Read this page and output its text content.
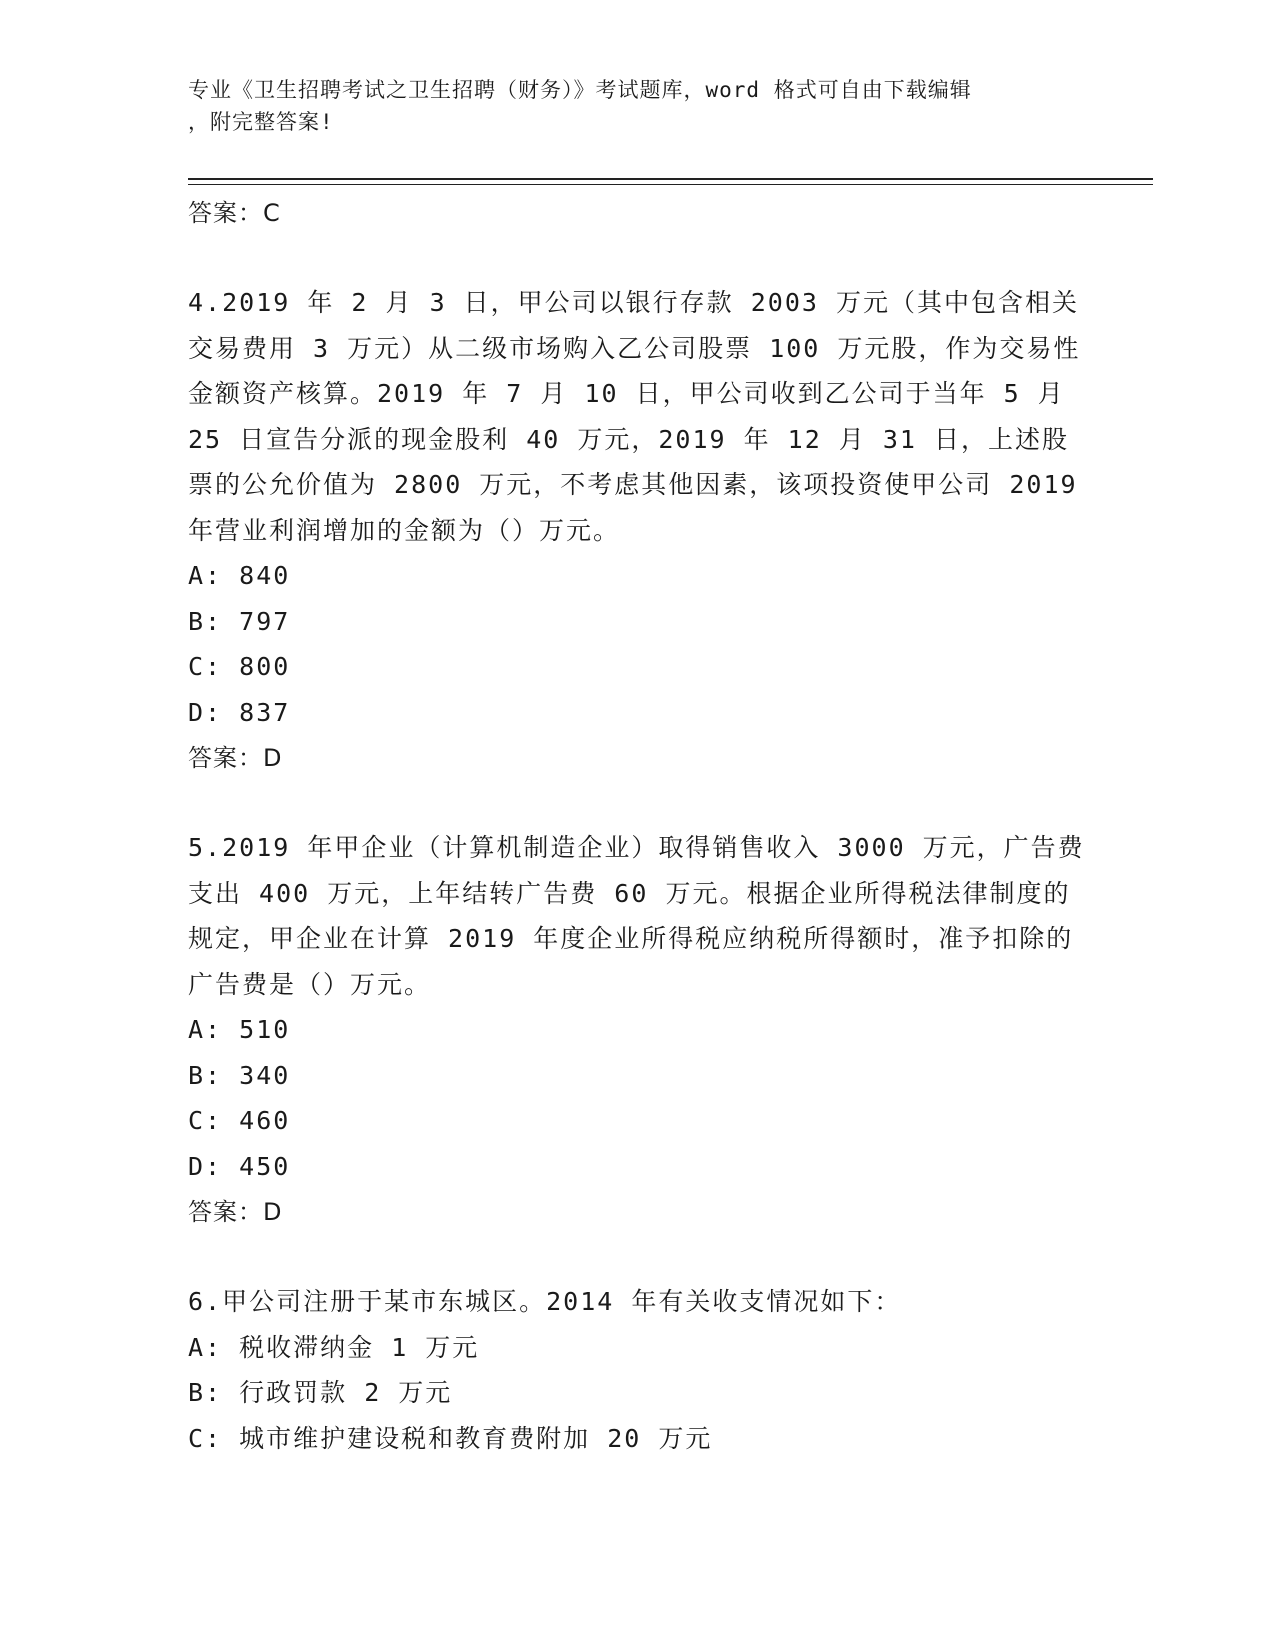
专业《卫生招聘考试之卫生招聘（财务）》考试题库，word 格式可自由下载编辑
，附完整答案!
答案：C
4.2019 年 2 月 3 日，甲公司以银行存款 2003 万元（其中包含相关交易费用 3 万元）从二级市场购入乙公司股票 100 万元股，作为交易性金额资产核算。2019 年 7 月 10 日，甲公司收到乙公司于当年 5 月 25 日宣告分派的现金股利 40 万元，2019 年 12 月 31 日，上述股票的公允价值为 2800 万元，不考虑其他因素，该项投资使甲公司 2019 年营业利润增加的金额为（）万元。
A: 840
B: 797
C: 800
D: 837
答案：D
5.2019 年甲企业（计算机制造企业）取得销售收入 3000 万元，广告费支出 400 万元，上年结转广告费 60 万元。根据企业所得税法律制度的规定，甲企业在计算 2019 年度企业所得税应纳税所得额时，准予扣除的广告费是（）万元。
A: 510
B: 340
C: 460
D: 450
答案：D
6.甲公司注册于某市东城区。2014 年有关收支情况如下：
A: 税收滞纳金 1 万元
B: 行政罚款 2 万元
C: 城市维护建设税和教育费附加 20 万元
